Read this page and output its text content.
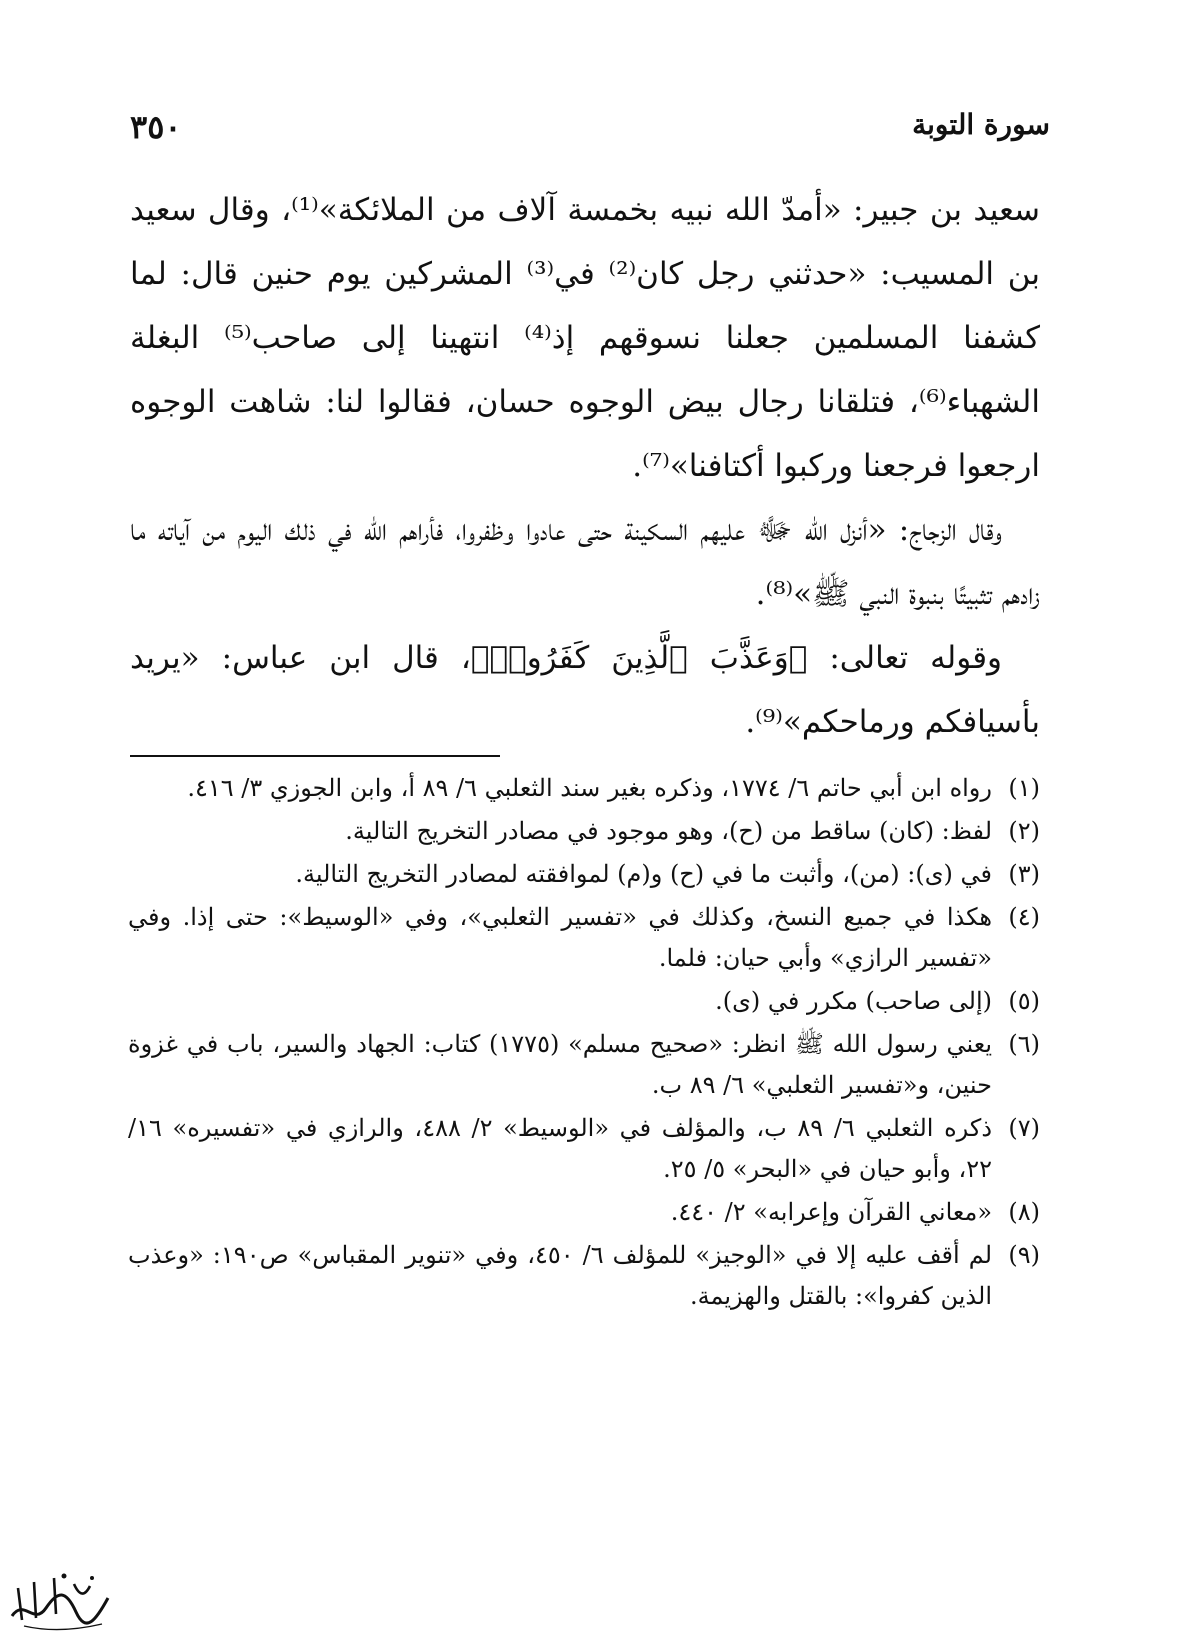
٣٥٠	سورة التوبة

سعيد بن جبير: «أمدّ الله نبيه بخمسة آلاف من الملائكة»⁽¹⁾، وقال سعيد بن المسيب: «حدثني رجل كان⁽²⁾ في⁽³⁾ المشركين يوم حنين قال: لما كشفنا المسلمين جعلنا نسوقهم إذ⁽⁴⁾ انتهينا إلى صاحب⁽⁵⁾ البغلة الشهباء⁽⁶⁾، فتلقانا رجال بيض الوجوه حسان، فقالوا لنا: شاهت الوجوه ارجعوا فرجعنا وركبوا أكتافنا»⁽⁷⁾.

وقال الزجاج: «أنزل الله ﷻ عليهم السكينة حتى عادوا وظفروا، فأراهم الله في ذلك اليوم من آياته ما زادهم تثبيتًا بنبوة النبي ﷺ»⁽⁸⁾.

وقوله تعالى: ﴿وَعَذَّبَ ٱلَّذِينَ كَفَرُوا۟﴾، قال ابن عباس: «يريد بأسيافكم ورماحكم»⁽⁹⁾.

(١)
رواه ابن أبي حاتم ٦/ ١٧٧٤، وذكره بغير سند الثعلبي ٦/ ٨٩ أ، وابن الجوزي ٣/ ٤١٦.
(٢)
لفظ: (كان) ساقط من (ح)، وهو موجود في مصادر التخريج التالية.
(٣)
في (ى): (من)، وأثبت ما في (ح) و(م) لموافقته لمصادر التخريج التالية.
(٤)
هكذا في جميع النسخ، وكذلك في «تفسير الثعلبي»، وفي «الوسيط»: حتى إذا. وفي «تفسير الرازي» وأبي حيان: فلما.
(٥)
(إلى صاحب) مكرر في (ى).
(٦)
يعني رسول الله ﷺ انظر: «صحيح مسلم» (١٧٧٥) كتاب: الجهاد والسير، باب في غزوة حنين، و«تفسير الثعلبي» ٦/ ٨٩ ب.
(٧)
ذكره الثعلبي ٦/ ٨٩ ب، والمؤلف في «الوسيط» ٢/ ٤٨٨، والرازي في «تفسيره» ١٦/ ٢٢، وأبو حيان في «البحر» ٥/ ٢٥.
(٨)
«معاني القرآن وإعرابه» ٢/ ٤٤٠.
(٩)
لم أقف عليه إلا في «الوجيز» للمؤلف ٦/ ٤٥٠، وفي «تنوير المقباس» ص١٩٠: «وعذب الذين كفروا»: بالقتل والهزيمة.
